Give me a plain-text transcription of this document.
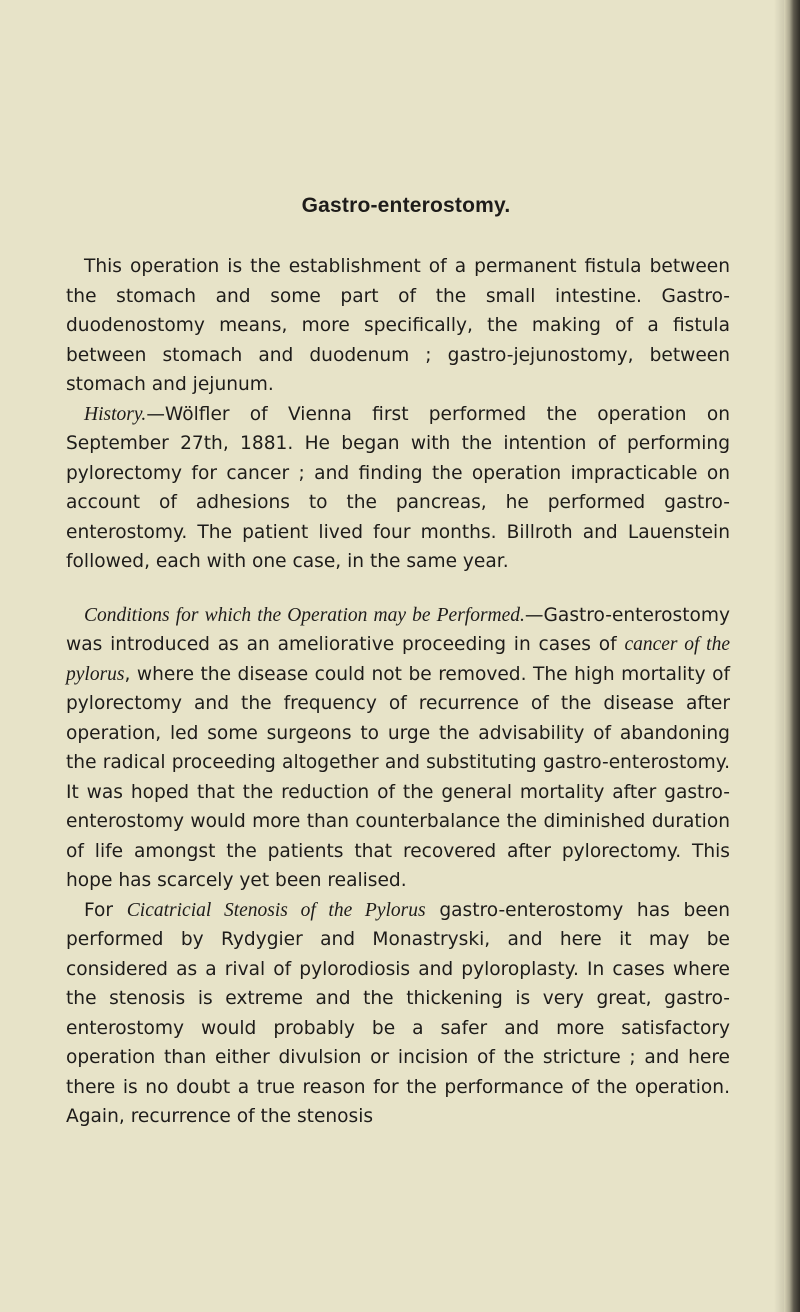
Gastro-enterostomy.

This operation is the establishment of a permanent fistula between the stomach and some part of the small intestine. Gastro-duodenostomy means, more specifically, the making of a fistula between stomach and duodenum ; gastro-jejunostomy, between stomach and jejunum.

History.—Wölfler of Vienna first performed the operation on September 27th, 1881. He began with the intention of performing pylorectomy for cancer ; and finding the operation impracticable on account of adhesions to the pancreas, he performed gastro-enterostomy. The patient lived four months. Billroth and Lauenstein followed, each with one case, in the same year.

Conditions for which the Operation may be Performed.—Gastro-enterostomy was introduced as an ameliorative proceeding in cases of cancer of the pylorus, where the disease could not be removed. The high mortality of pylorectomy and the frequency of recurrence of the disease after operation, led some surgeons to urge the advisability of abandoning the radical proceeding altogether and substituting gastro-enterostomy. It was hoped that the reduction of the general mortality after gastro-enterostomy would more than counterbalance the diminished duration of life amongst the patients that recovered after pylorectomy. This hope has scarcely yet been realised.

For Cicatricial Stenosis of the Pylorus gastro-enterostomy has been performed by Rydygier and Monastryski, and here it may be considered as a rival of pylorodiosis and pyloroplasty. In cases where the stenosis is extreme and the thickening is very great, gastro-enterostomy would probably be a safer and more satisfactory operation than either divulsion or incision of the stricture ; and here there is no doubt a true reason for the performance of the operation. Again, recurrence of the stenosis
